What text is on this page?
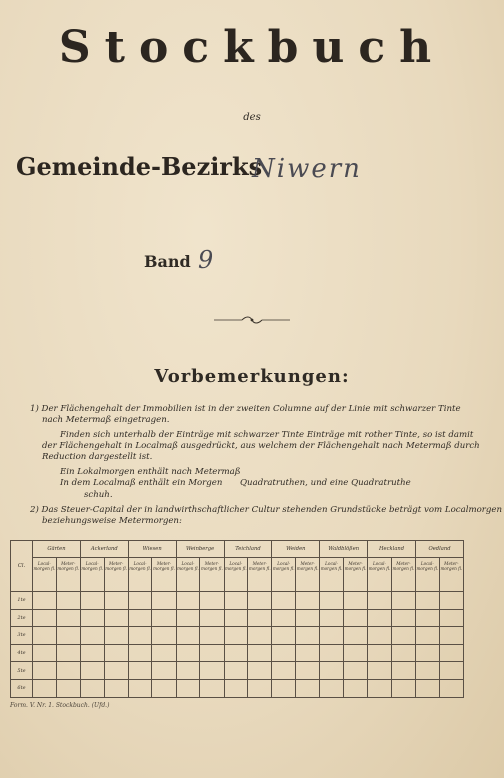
Stockbuch
des
Gemeinde-Bezirks
Niwern
Band 9
Vorbemerkungen:
1) Der Flächengehalt der Immobilien ist in der zweiten Columne auf der Linie mit schwarzer Tinte
nach Metermaß eingetragen.
Finden sich unterhalb der Einträge mit schwarzer Tinte Einträge mit rother Tinte, so ist damit
der Flächengehalt in Localmaß ausgedrückt, aus welchem der Flächengehalt nach Metermaß durch
Reduction dargestellt ist.
Ein Lokalmorgen enthält nach Metermaß
In dem Localmaß enthält ein Morgen Quadratruthen, und eine Quadratruthe
schuh.
2) Das Steuer-Capital der in landwirthschaftlicher Cultur stehenden Grundstücke beträgt vom Localmorgen
beziehungsweise Metermorgen:
Cl.	Gärten		Ackerland		Wiesen		Weinberge		Teichland		Weiden		Waldblößen		Heckland		Oedland	
	Local-morgen fl.	Meter-morgen fl.	Local-morgen fl.	Meter-morgen fl.	Local-morgen fl.	Meter-morgen fl.	Local-morgen fl.	Meter-morgen fl.	Local-morgen fl.	Meter-morgen fl.	Local-morgen fl.	Meter-morgen fl.	Local-morgen fl.	Meter-morgen fl.	Local-morgen fl.	Meter-morgen fl.	Local-morgen fl.	Meter-morgen fl.
1te																		
2te																		
3te																		
4te																		
5te																		
6te																		
Form. V. Nr. 1. Stockbuch. (Ufd.)
